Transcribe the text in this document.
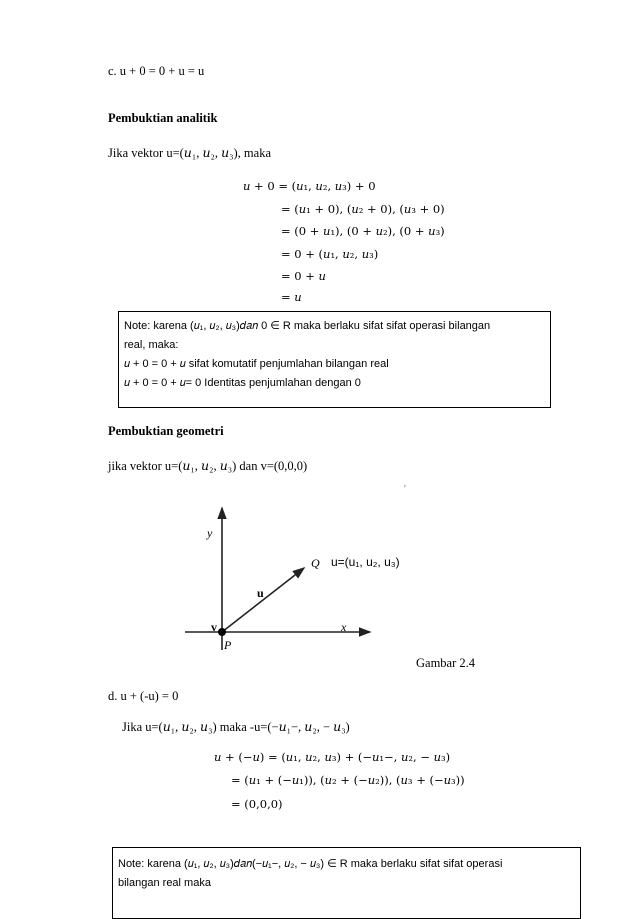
c. u + 0 = 0 + u = u
Pembuktian analitik
Jika vektor u=(𝑢₁, 𝑢₂, 𝑢₃), maka
𝑢 + 0 = (𝑢₁, 𝑢₂, 𝑢₃) + 0
= (𝑢₁ + 0), (𝑢₂ + 0), (𝑢₃ + 0)
= (0 + 𝑢₁), (0 + 𝑢₂), (0 + 𝑢₃)
= 0 + (𝑢₁, 𝑢₂, 𝑢₃)
= 0 + 𝑢
= 𝑢
Note: karena (𝑢₁, 𝑢₂, 𝑢₃)𝑑𝑎𝑛 0 ∈ R maka berlaku sifat sifat operasi bilangan
real, maka:
𝑢 + 0 = 0 + 𝑢 sifat komutatif penjumlahan bilangan real
𝑢 + 0 = 0 + 𝑢= 0 Identitas penjumlahan dengan 0
Pembuktian geometri
jika vektor u=(𝑢₁, 𝑢₂, 𝑢₃) dan v=(0,0,0)
'
y
x
Q u=(u₁, u₂, u₃)
u
v
P
Gambar 2.4
d. u + (-u) = 0
Jika u=(𝑢₁, 𝑢₂, 𝑢₃) maka -u=(−𝑢₁−, 𝑢₂, − 𝑢₃)
𝑢 + (−𝑢) = (𝑢₁, 𝑢₂, 𝑢₃) + (−𝑢₁−, 𝑢₂, − 𝑢₃)
= (𝑢₁ + (−𝑢₁)), (𝑢₂ + (−𝑢₂)), (𝑢₃ + (−𝑢₃))
= (0,0,0)
Note: karena (𝑢₁, 𝑢₂, 𝑢₃)𝑑𝑎𝑛(−𝑢₁−, 𝑢₂, − 𝑢₃) ∈ R maka berlaku sifat sifat operasi
bilangan real maka
